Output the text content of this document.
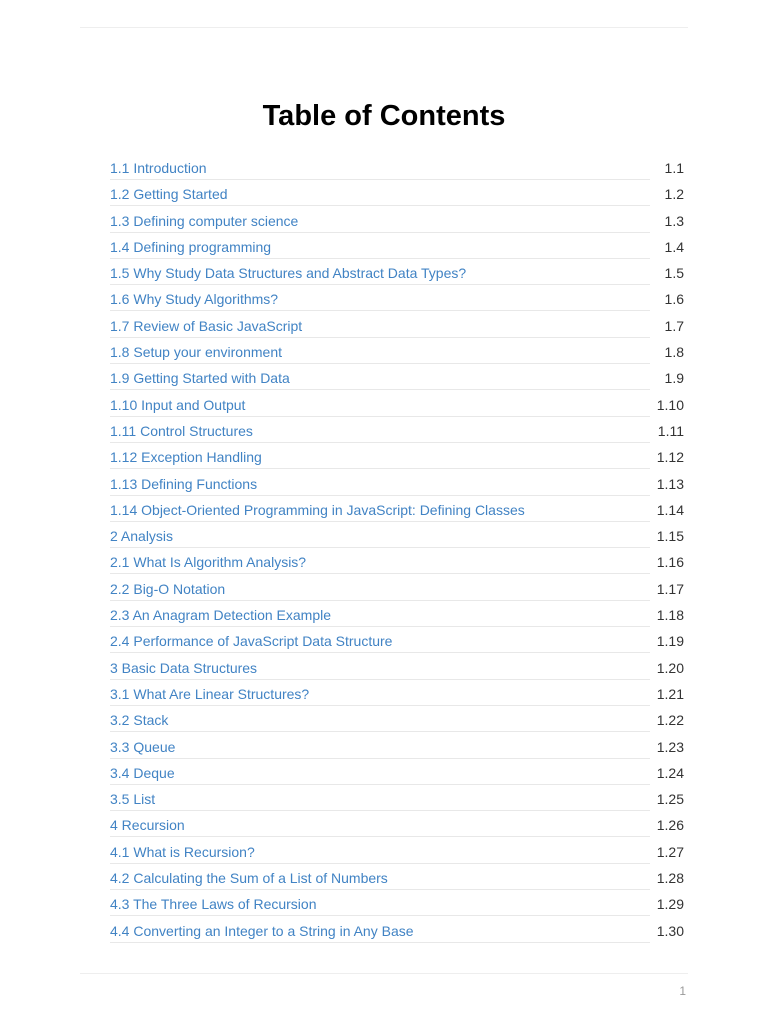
Table of Contents
1.1 Introduction	1.1
1.2 Getting Started	1.2
1.3 Defining computer science	1.3
1.4 Defining programming	1.4
1.5 Why Study Data Structures and Abstract Data Types?	1.5
1.6 Why Study Algorithms?	1.6
1.7 Review of Basic JavaScript	1.7
1.8 Setup your environment	1.8
1.9 Getting Started with Data	1.9
1.10 Input and Output	1.10
1.11 Control Structures	1.11
1.12 Exception Handling	1.12
1.13 Defining Functions	1.13
1.14 Object-Oriented Programming in JavaScript: Defining Classes	1.14
2 Analysis	1.15
2.1 What Is Algorithm Analysis?	1.16
2.2 Big-O Notation	1.17
2.3 An Anagram Detection Example	1.18
2.4 Performance of JavaScript Data Structure	1.19
3 Basic Data Structures	1.20
3.1 What Are Linear Structures?	1.21
3.2 Stack	1.22
3.3 Queue	1.23
3.4 Deque	1.24
3.5 List	1.25
4 Recursion	1.26
4.1 What is Recursion?	1.27
4.2 Calculating the Sum of a List of Numbers	1.28
4.3 The Three Laws of Recursion	1.29
4.4 Converting an Integer to a String in Any Base	1.30
1
